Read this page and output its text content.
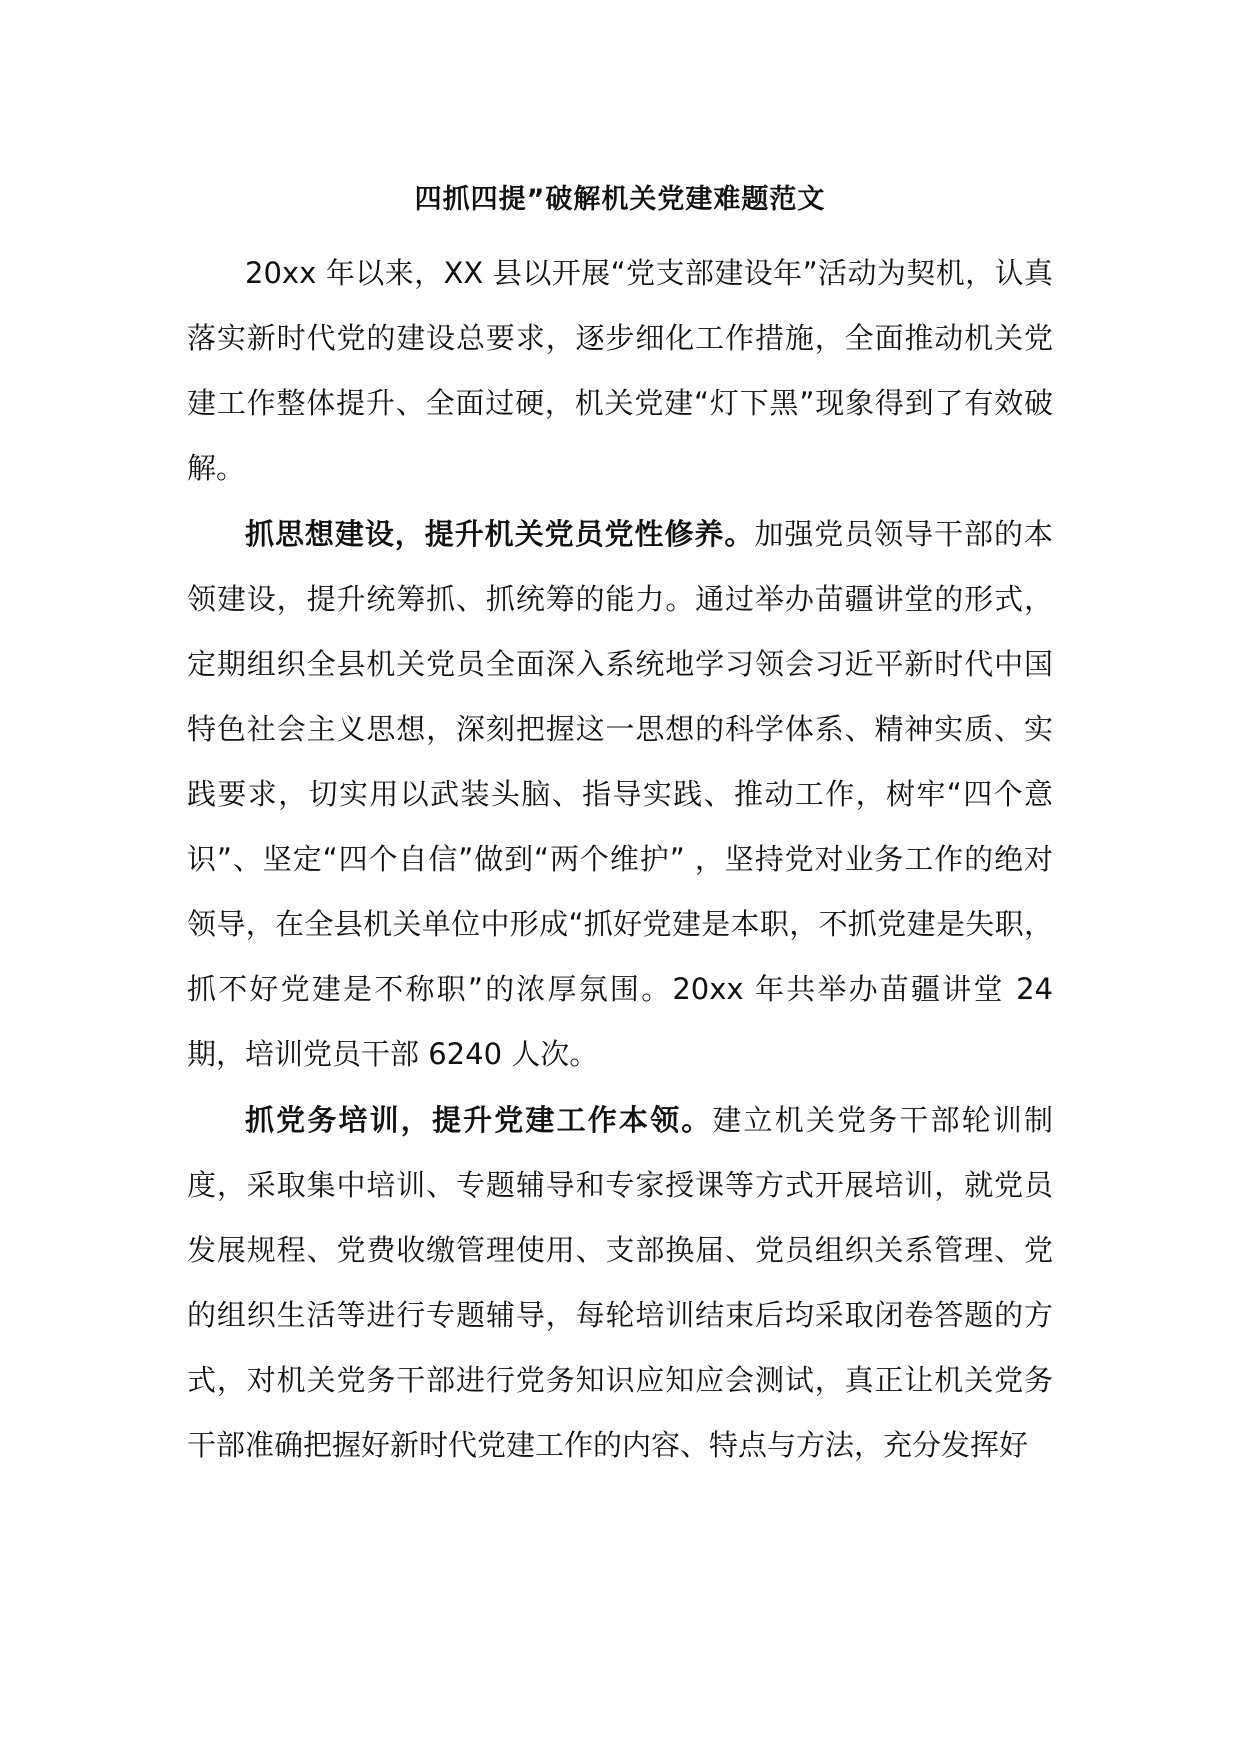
四抓四提”破解机关党建难题范文

20xx 年以来，XX 县以开展“党支部建设年”活动为契机，认真落实新时代党的建设总要求，逐步细化工作措施，全面推动机关党建工作整体提升、全面过硬，机关党建“灯下黑”现象得到了有效破解。

抓思想建设，提升机关党员党性修养。加强党员领导干部的本领建设，提升统筹抓、抓统筹的能力。通过举办苗疆讲堂的形式，定期组织全县机关党员全面深入系统地学习领会习近平新时代中国特色社会主义思想，深刻把握这一思想的科学体系、精神实质、实践要求，切实用以武装头脑、指导实践、推动工作，树牢“四个意识”、坚定“四个自信”做到“两个维护” ，坚持党对业务工作的绝对领导，在全县机关单位中形成“抓好党建是本职，不抓党建是失职，抓不好党建是不称职”的浓厚氛围。20xx 年共举办苗疆讲堂 24 期，培训党员干部 6240 人次。

抓党务培训，提升党建工作本领。建立机关党务干部轮训制度，采取集中培训、专题辅导和专家授课等方式开展培训，就党员发展规程、党费收缴管理使用、支部换届、党员组织关系管理、党的组织生活等进行专题辅导，每轮培训结束后均采取闭卷答题的方式，对机关党务干部进行党务知识应知应会测试，真正让机关党务干部准确把握好新时代党建工作的内容、特点与方法，充分发挥好
